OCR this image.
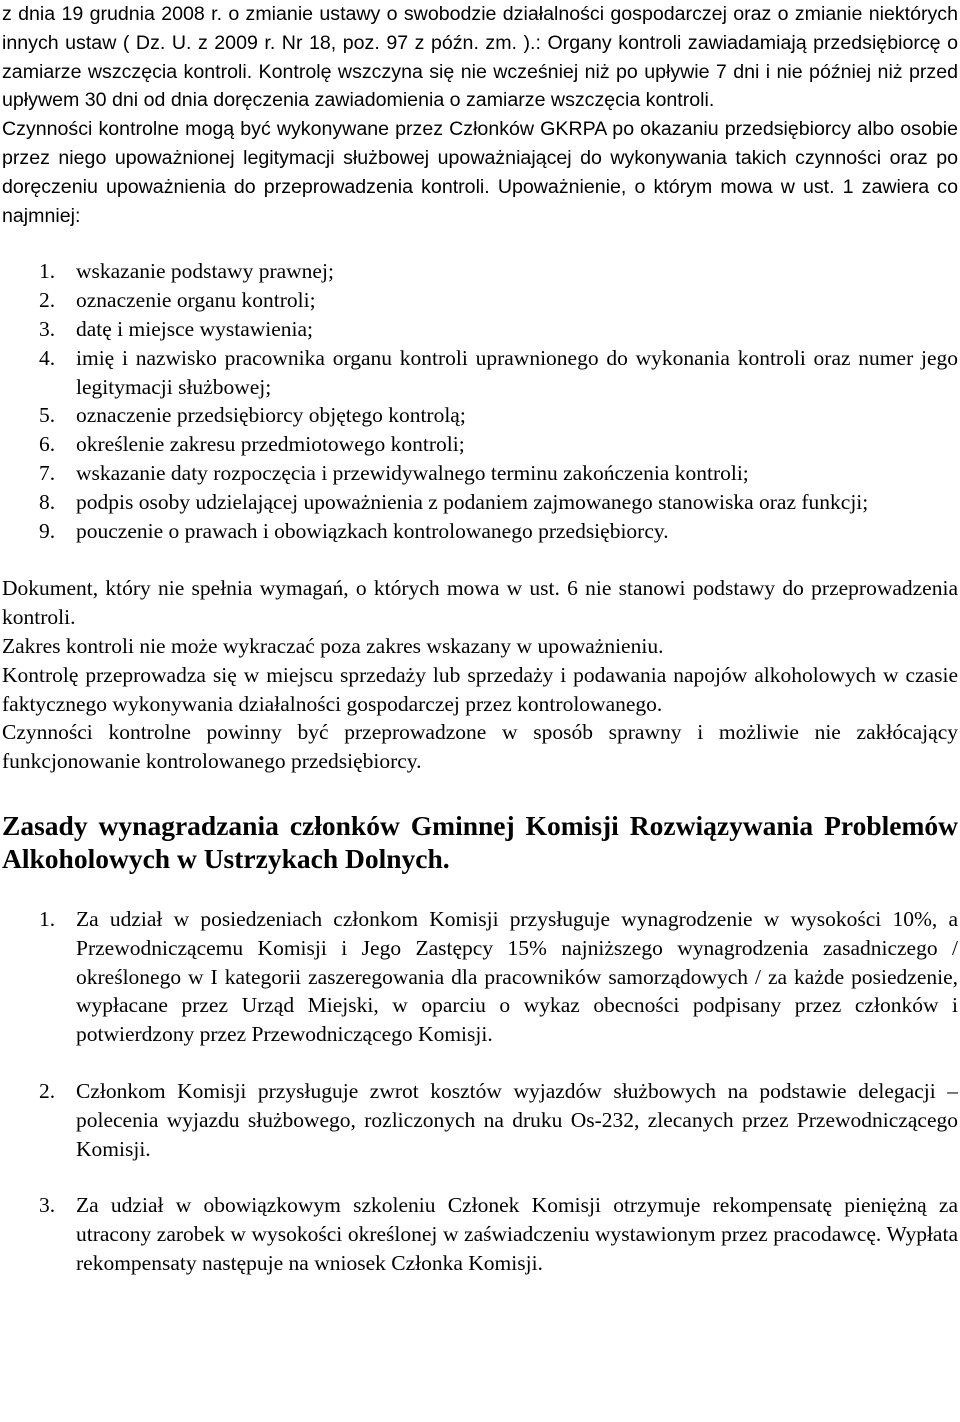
z dnia 19 grudnia 2008 r. o zmianie ustawy o swobodzie działalności gospodarczej oraz o zmianie niektórych innych ustaw ( Dz. U. z 2009 r. Nr 18, poz. 97 z późn. zm. ).: Organy kontroli zawiadamiają przedsiębiorcę o zamiarze wszczęcia kontroli. Kontrolę wszczyna się nie wcześniej niż po upływie 7 dni i nie później niż przed upływem 30 dni od dnia doręczenia zawiadomienia o zamiarze wszczęcia kontroli.

Czynności kontrolne mogą być wykonywane przez Członków GKRPA po okazaniu przedsiębiorcy albo osobie przez niego upoważnionej legitymacji służbowej upoważniającej do wykonywania takich czynności oraz po doręczeniu upoważnienia do przeprowadzenia kontroli. Upoważnienie, o którym mowa w ust. 1 zawiera co najmniej:

1. wskazanie podstawy prawnej;
2. oznaczenie organu kontroli;
3. datę i miejsce wystawienia;
4. imię i nazwisko pracownika organu kontroli uprawnionego do wykonania kontroli oraz numer jego legitymacji służbowej;
5. oznaczenie przedsiębiorcy objętego kontrolą;
6. określenie zakresu przedmiotowego kontroli;
7. wskazanie daty rozpoczęcia i przewidywalnego terminu zakończenia kontroli;
8. podpis osoby udzielającej upoważnienia z podaniem zajmowanego stanowiska oraz funkcji;
9. pouczenie o prawach i obowiązkach kontrolowanego przedsiębiorcy.

Dokument, który nie spełnia wymagań, o których mowa w ust. 6 nie stanowi podstawy do przeprowadzenia kontroli.

Zakres kontroli nie może wykraczać poza zakres wskazany w upoważnieniu.

Kontrolę przeprowadza się w miejscu sprzedaży lub sprzedaży i podawania napojów alkoholowych w czasie faktycznego wykonywania działalności gospodarczej przez kontrolowanego.

Czynności kontrolne powinny być przeprowadzone w sposób sprawny i możliwie nie zakłócający funkcjonowanie kontrolowanego przedsiębiorcy.

Zasady wynagradzania członków Gminnej Komisji Rozwiązywania Problemów Alkoholowych w Ustrzykach Dolnych.
1. Za udział w posiedzeniach członkom Komisji przysługuje wynagrodzenie w wysokości 10%, a Przewodniczącemu Komisji i Jego Zastępcy 15% najniższego wynagrodzenia zasadniczego / określonego w I kategorii zaszeregowania dla pracowników samorządowych / za każde posiedzenie, wypłacane przez Urząd Miejski, w oparciu o wykaz obecności podpisany przez członków i potwierdzony przez Przewodniczącego Komisji.
2. Członkom Komisji przysługuje zwrot kosztów wyjazdów służbowych na podstawie delegacji – polecenia wyjazdu służbowego, rozliczonych na druku Os-232, zlecanych przez Przewodniczącego Komisji.
3. Za udział w obowiązkowym szkoleniu Członek Komisji otrzymuje rekompensatę pieniężną za utracony zarobek w wysokości określonej w zaświadczeniu wystawionym przez pracodawcę. Wypłata rekompensaty następuje na wniosek Członka Komisji.
